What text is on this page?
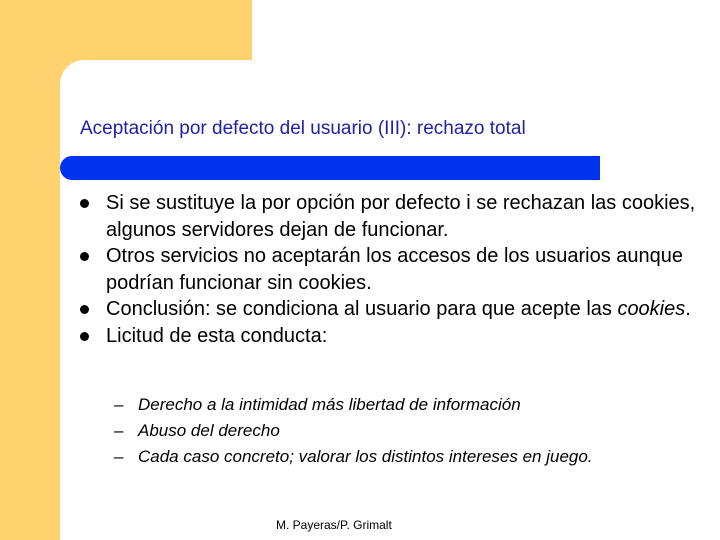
Aceptación por defecto del usuario (III): rechazo total
Si se sustituye la por opción por defecto i se rechazan las cookies, algunos servidores dejan de funcionar.
Otros servicios no aceptarán los accesos de los usuarios aunque podrían funcionar sin cookies.
Conclusión: se condiciona al usuario para que acepte las cookies.
Licitud de esta conducta:
– Derecho a la intimidad más libertad de información
– Abuso del derecho
– Cada caso concreto; valorar los distintos intereses en juego.
M. Payeras/P. Grimalt
